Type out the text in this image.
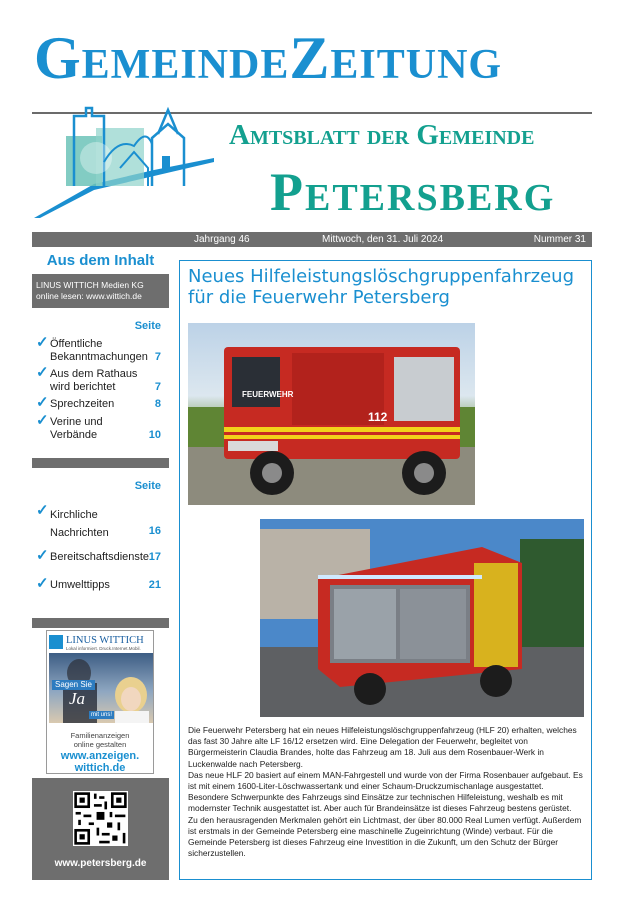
GemeindeZeitung
Amtsblatt der Gemeinde
Petersberg
Jahrgang 46	Mittwoch, den 31. Juli 2024	Nummer 31
Aus dem Inhalt
LINUS WITTICH Medien KG
online lesen: www.wittich.de
Seite
✓ Öffentliche Bekanntmachungen 7
✓ Aus dem Rathaus wird berichtet	7
✓ Sprechzeiten	8
✓ Verine und Verbände	10
Seite
✓ Kirchliche Nachrichten	16
✓ Bereitschaftsdienste 17
✓ Umwelttipps	21
LINUS WITTICH
Lokal informiert. Druck.Internet.Mobil.
Sagen Sie
Ja
mit uns!
Familienanzeigen
online gestalten
www.anzeigen.
wittich.de
www.petersberg.de
Neues Hilfeleistungslöschgruppenfahrzeug
für die Feuerwehr Petersberg
FEUERWEHR
112

Die Feuerwehr Petersberg hat ein neues Hilfeleistungslöschgruppenfahrzeug (HLF 20) erhalten, welches das fast 30 Jahre alte LF 16/12 ersetzen wird. Eine Delegation der Feuerwehr, begleitet von Bürgermeisterin Claudia Brandes, holte das Fahrzeug am 18. Juli aus dem Rosenbauer-Werk in Luckenwalde nach Petersberg.

Das neue HLF 20 basiert auf einem MAN-Fahrgestell und wurde von der Firma Rosenbauer aufgebaut. Es ist mit einem 1600-Liter-Löschwassertank und einer Schaum-Druckzumischanlage ausgestattet. Besondere Schwerpunkte des Fahrzeugs sind Einsätze zur technischen Hilfeleistung, weshalb es mit modernster Technik ausgestattet ist. Aber auch für Brandeinsätze ist dieses Fahrzeug bestens gerüstet.

Zu den herausragenden Merkmalen gehört ein Lichtmast, der über 80.000 Real Lumen verfügt. Außerdem ist erstmals in der Gemeinde Petersberg eine maschinelle Zugeinrichtung (Winde) verbaut. Für die Gemeinde Petersberg ist dieses Fahrzeug eine Investition in die Zukunft, um den Schutz der Bürger sicherzustellen.
